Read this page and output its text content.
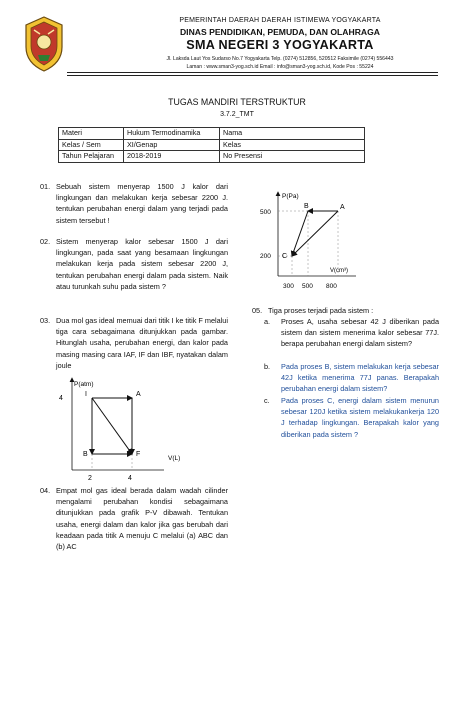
PEMERINTAH DAERAH DAERAH ISTIMEWA YOGYAKARTA
DINAS PENDIDIKAN, PEMUDA, DAN OLAHRAGA
SMA NEGERI 3 YOGYAKARTA
Jl. Laksda Laut Yos Sudarso No.7 Yogyakarta Telp. (0274) 512856, 520512 Faksimile (0274) 556443
Laman : www.sman3-yog.sch.id Email : info@sman3-yog.sch.id, Kode Pos : 55224
TUGAS MANDIRI TERSTRUKTUR
3.7.2_TMT
Materi	Hukum Termodinamika	Nama
Kelas / Sem	XI/Genap	Kelas
Tahun Pelajaran	2018-2019	No Presensi
01. Sebuah sistem menyerap 1500 J kalor dari lingkungan dan melakukan kerja sebesar 2200 J. tentukan perubahan energi dalam yang terjadi pada sistem tersebut !
02. Sistem menyerap kalor sebesar 1500 J dari lingkungan, pada saat yang besamaan lingkungan melakukan kerja pada sistem sebesar 2200 J, tentukan perubahan energi dalam pada sistem. Naik atau turunkah suhu pada sistem ?
03. Dua mol gas ideal memuai dari titik I ke titik F melalui tiga cara sebagaimana ditunjukkan pada gambar. Hitunglah usaha, perubahan energi, dan kalor pada masing masing cara IAF, IF dan IBF, nyatakan dalam joule
P(atm)
V(L)
4
2	4
I	A
B	F
04. Empat mol gas ideal berada dalam wadah cilinder mengalami perubahan kondisi sebagaimana ditunjukkan pada grafik P-V dibawah. Tentukan usaha, energi dalam dan kalor jika gas berubah dari keadaan pada titik A menuju C melalui (a) ABC dan (b) AC
P(Pa)
V(cm³)
500
200
300 500 800
A
B
C
05. Tiga proses terjadi pada sistem :
a. Proses A, usaha sebesar 42 J diberikan pada sistem dan sistem menerima kalor sebesar 77J. berapa perubahan energi dalam sistem?
b. Pada proses B, sistem melakukan kerja sebesar 42J ketika menerima 77J panas. Berapakah perubahan energi dalam sistem?
c. Pada proses C, energi dalam sistem menurun sebesar 120J ketika sistem melakukankerja 120 J terhadap lingkungan. Berapakah kalor yang diberikan pada sistem ?
